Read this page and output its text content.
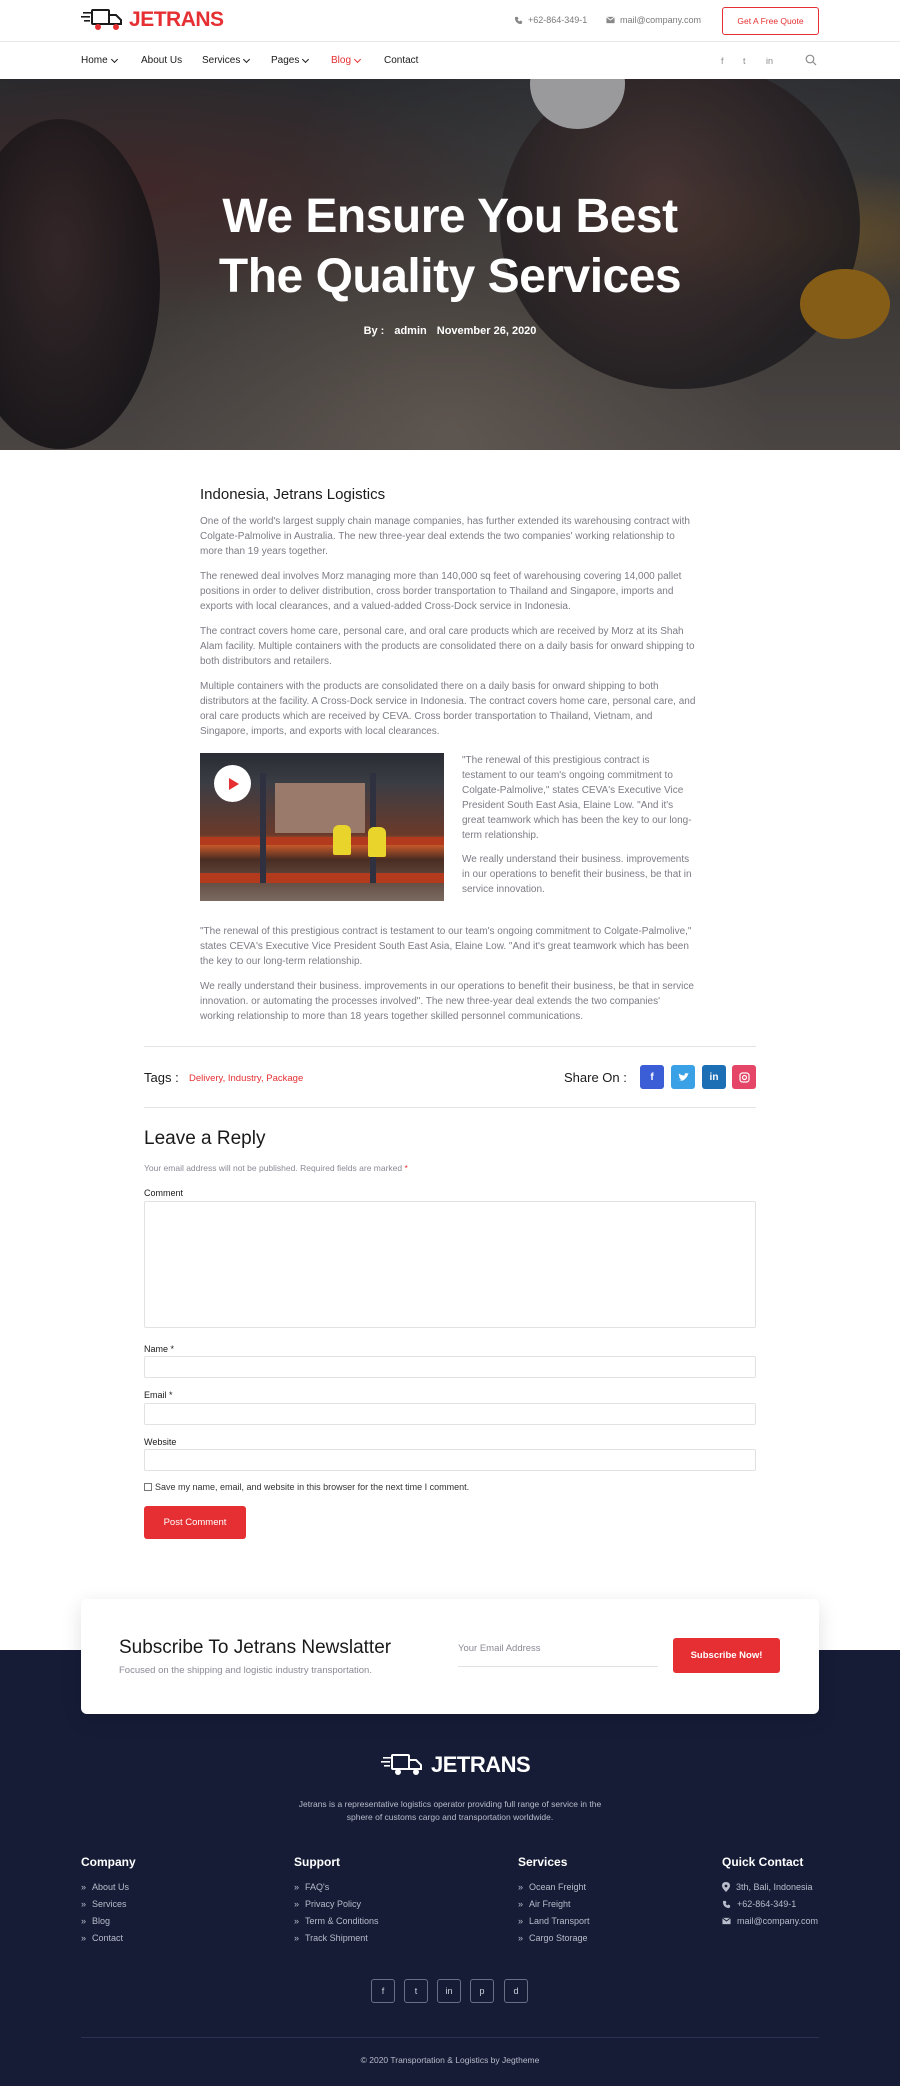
JETRANS	+62-864-349-1	mail@company.com	Get A Free Quote
Home	About Us Services	Pages	Blog	Contact	f t in
We Ensure You Best
The Quality Services
By : admin November 26, 2020
Indonesia, Jetrans Logistics

One of the world's largest supply chain manage companies, has further extended its warehousing contract with Colgate-Palmolive in Australia. The new three-year deal extends the two companies' working relationship to more than 19 years together.

The renewed deal involves Morz managing more than 140,000 sq feet of warehousing covering 14,000 pallet positions in order to deliver distribution, cross border transportation to Thailand and Singapore, imports and exports with local clearances, and a valued-added Cross-Dock service in Indonesia.

The contract covers home care, personal care, and oral care products which are received by Morz at its Shah Alam facility. Multiple containers with the products are consolidated there on a daily basis for onward shipping to both distributors and retailers.

Multiple containers with the products are consolidated there on a daily basis for onward shipping to both distributors at the facility. A Cross-Dock service in Indonesia. The contract covers home care, personal care, and oral care products which are received by CEVA. Cross border transportation to Thailand, Vietnam, and Singapore, imports, and exports with local clearances.

"The renewal of this prestigious contract is testament to our team's ongoing commitment to Colgate-Palmolive," states CEVA's Executive Vice President South East Asia, Elaine Low. "And it's great teamwork which has been the key to our long-term relationship.

We really understand their business. improvements in our operations to benefit their business, be that in service innovation.

"The renewal of this prestigious contract is testament to our team's ongoing commitment to Colgate-Palmolive," states CEVA's Executive Vice President South East Asia, Elaine Low. "And it's great teamwork which has been the key to our long-term relationship.

We really understand their business. improvements in our operations to benefit their business, be that in service innovation. or automating the processes involved". The new three-year deal extends the two companies' working relationship to more than 18 years together skilled personnel communications.

Tags : Delivery, Industry, Package	Share On : f	in
Leave a Reply
Your email address will not be published. Required fields are marked *
Comment
Name *
Email *
Website
Save my name, email, and website in this browser for the next time I comment.
Post Comment
Subscribe To Jetrans Newslatter
Focused on the shipping and logistic industry transportation.
Your Email Address
Subscribe Now!
JETRANS
Jetrans is a representative logistics operator providing full range of service in the sphere of customs cargo and transportation worldwide.
Company
» About Us
» Services
» Blog
» Contact
Support
» FAQ's
» Privacy Policy
» Term & Conditions
» Track Shipment
Services
» Ocean Freight
» Air Freight
» Land Transport
» Cargo Storage
Quick Contact
3th, Bali, Indonesia
+62-864-349-1
mail@company.com
f	t	in	p	d
© 2020 Transportation & Logistics by Jegtheme
